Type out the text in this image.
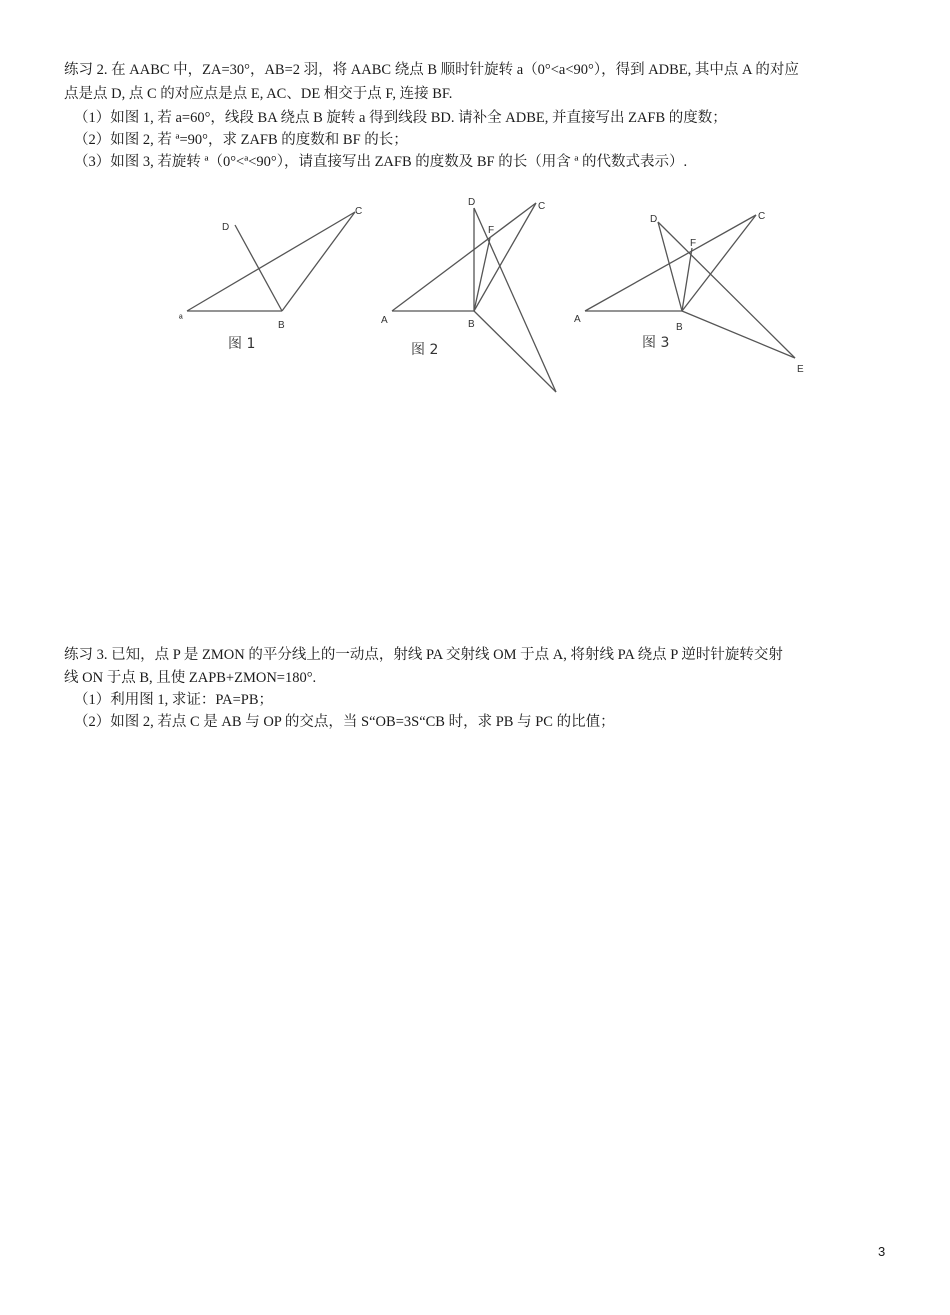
练习 2. 在 AABC 中，ZA=30°，AB=2 羽，将 AABC 绕点 B 顺时针旋转 a（0°<a<90°），得到 ADBE, 其中点 A 的对应
点是点 D, 点 C 的对应点是点 E, AC、DE 相交于点 F, 连接 BF.
（1）如图 1, 若 a=60°，线段 BA 绕点 B 旋转 a 得到线段 BD. 请补全 ADBE, 并直接写出 ZAFB 的度数；
（2）如图 2, 若 ª=90°，求 ZAFB 的度数和 BF 的长；
（3）如图 3, 若旋转 ª（0°<ª<90°），请直接写出 ZAFB 的度数及 BF 的长（用含 ª 的代数式表示）.
ª
B
C
D
图 1
A	B
C
D
F
图 2
A
B
C
D
E
F
图 3
练习 3. 已知，点 P 是 ZMON 的平分线上的一动点，射线 PA 交射线 OM 于点 A, 将射线 PA 绕点 P 逆时针旋转交射
线 ON 于点 B, 且使 ZAPB+ZMON=180°.
（1）利用图 1, 求证：PA=PB；
（2）如图 2, 若点 C 是 AB 与 OP 的交点，当 S“OB=3S“CB 时，求 PB 与 PC 的比值；
3
